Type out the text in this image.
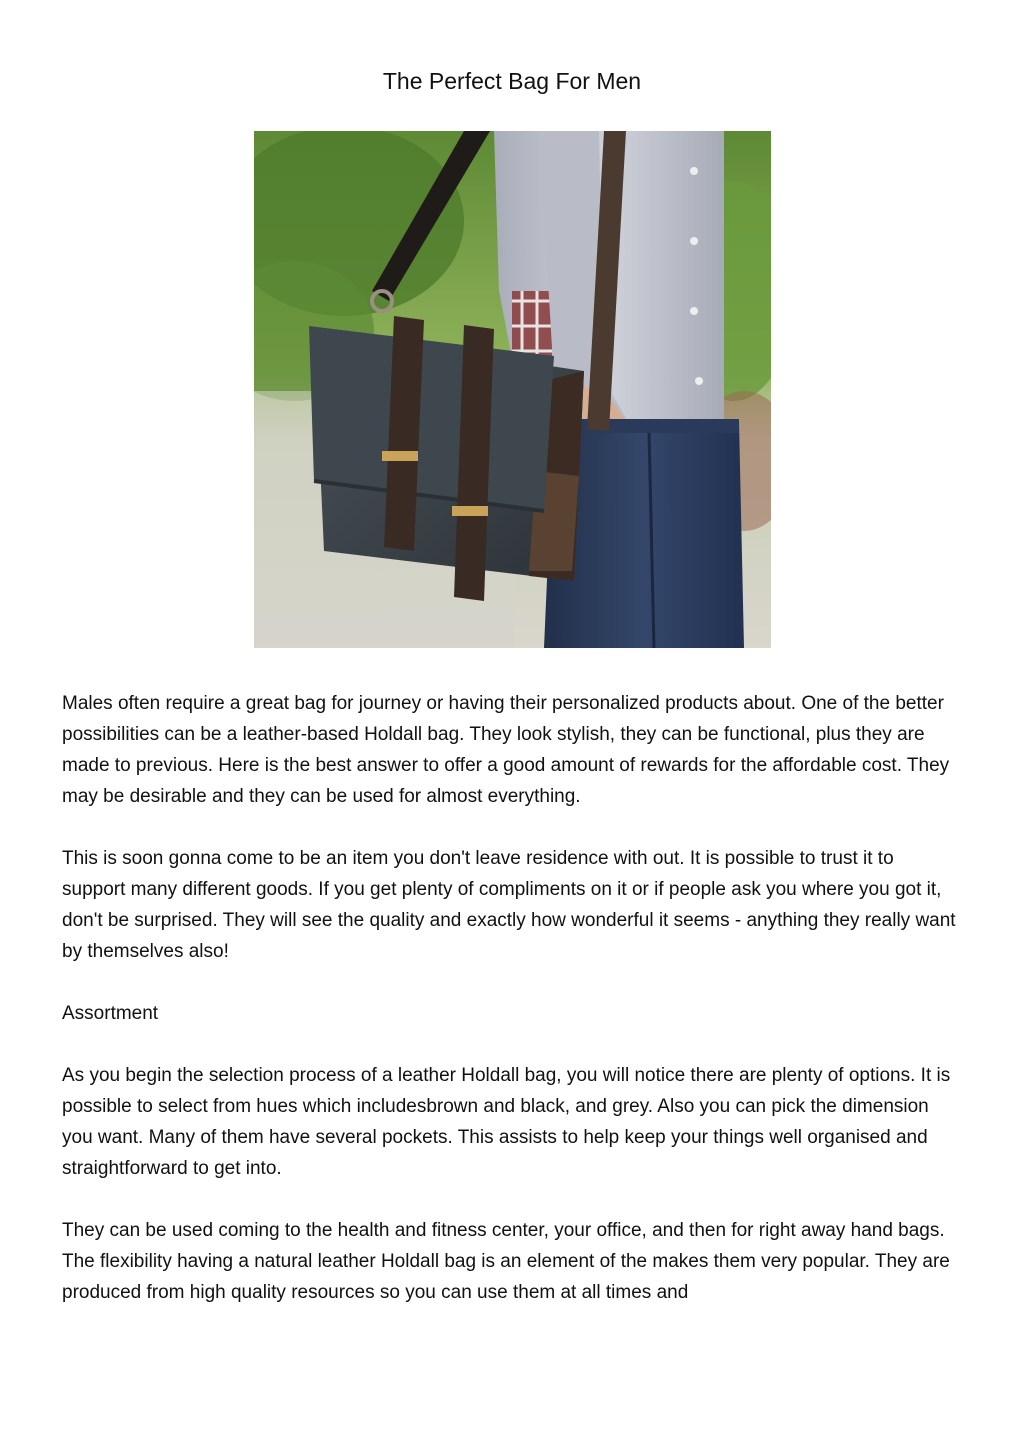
The Perfect Bag For Men

Males often require a great bag for journey or having their personalized products about. One of the better possibilities can be a leather-based Holdall bag. They look stylish, they can be functional, plus they are made to previous. Here is the best answer to offer a good amount of rewards for the affordable cost. They may be desirable and they can be used for almost everything.

This is soon gonna come to be an item you don't leave residence with out. It is possible to trust it to support many different goods. If you get plenty of compliments on it or if people ask you where you got it, don't be surprised. They will see the quality and exactly how wonderful it seems - anything they really want by themselves also!

Assortment

As you begin the selection process of a leather Holdall bag, you will notice there are plenty of options. It is possible to select from hues which includesbrown and black, and grey. Also you can pick the dimension you want. Many of them have several pockets. This assists to help keep your things well organised and straightforward to get into.

They can be used coming to the health and fitness center, your office, and then for right away hand bags. The flexibility having a natural leather Holdall bag is an element of the makes them very popular. They are produced from high quality resources so you can use them at all times and
